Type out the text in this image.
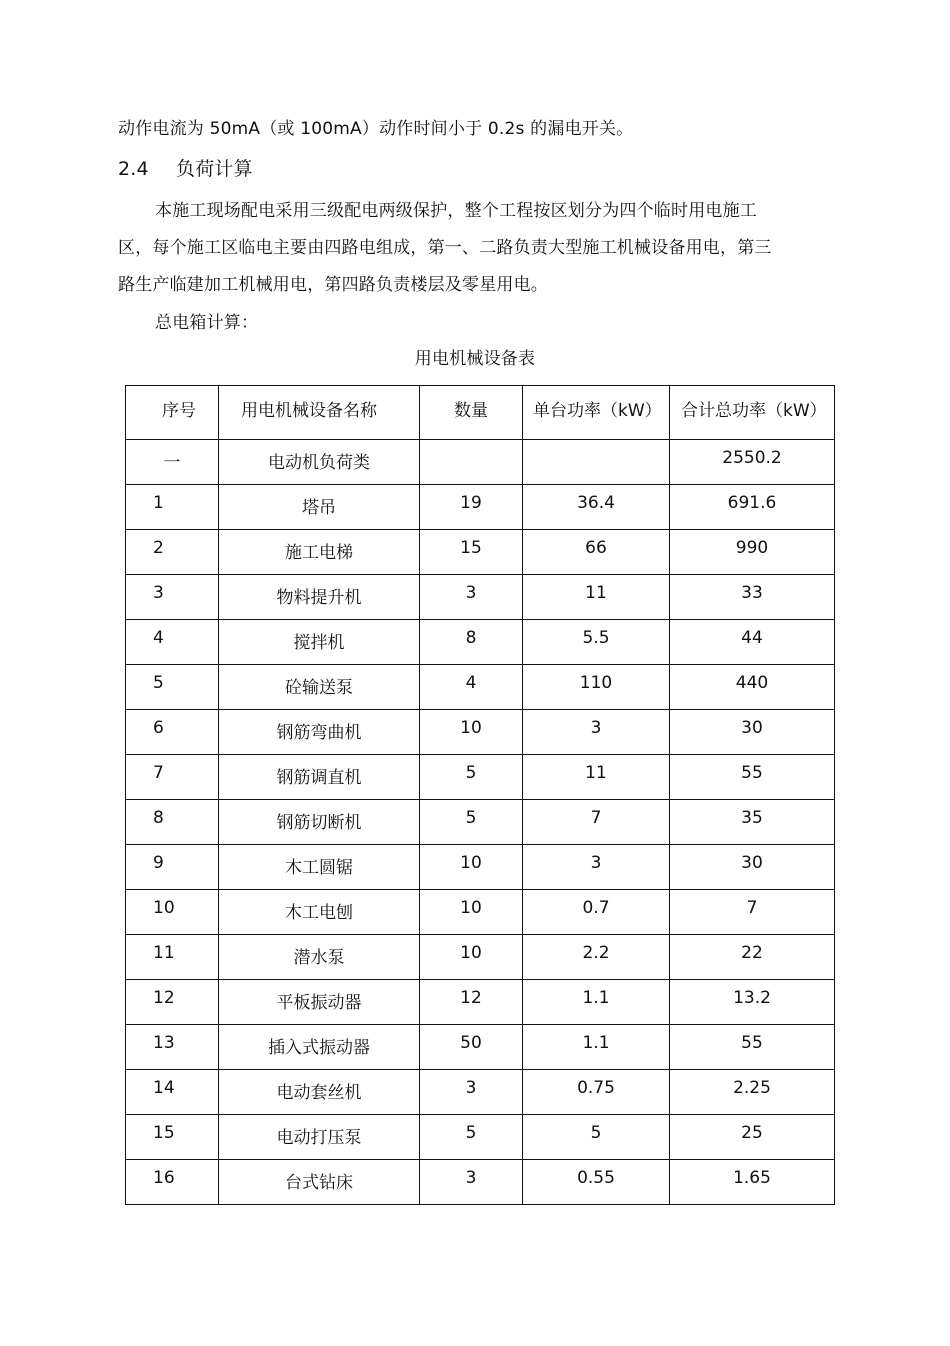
动作电流为 50mA（或 100mA）动作时间小于 0.2s 的漏电开关。
2.4 负荷计算
本施工现场配电采用三级配电两级保护，整个工程按区划分为四个临时用电施工
区，每个施工区临电主要由四路电组成，第一、二路负责大型施工机械设备用电，第三
路生产临建加工机械用电，第四路负责楼层及零星用电。
总电箱计算：
用电机械设备表
序号	用电机械设备名称	数量	单台功率（kW）	合计总功率（kW）
一	电动机负荷类			2550.2
1	塔吊	19	36.4	691.6
2	施工电梯	15	66	990
3	物料提升机	3	11	33
4	搅拌机	8	5.5	44
5	砼输送泵	4	110	440
6	钢筋弯曲机	10	3	30
7	钢筋调直机	5	11	55
8	钢筋切断机	5	7	35
9	木工圆锯	10	3	30
10	木工电刨	10	0.7	7
11	潜水泵	10	2.2	22
12	平板振动器	12	1.1	13.2
13	插入式振动器	50	1.1	55
14	电动套丝机	3	0.75	2.25
15	电动打压泵	5	5	25
16	台式钻床	3	0.55	1.65
